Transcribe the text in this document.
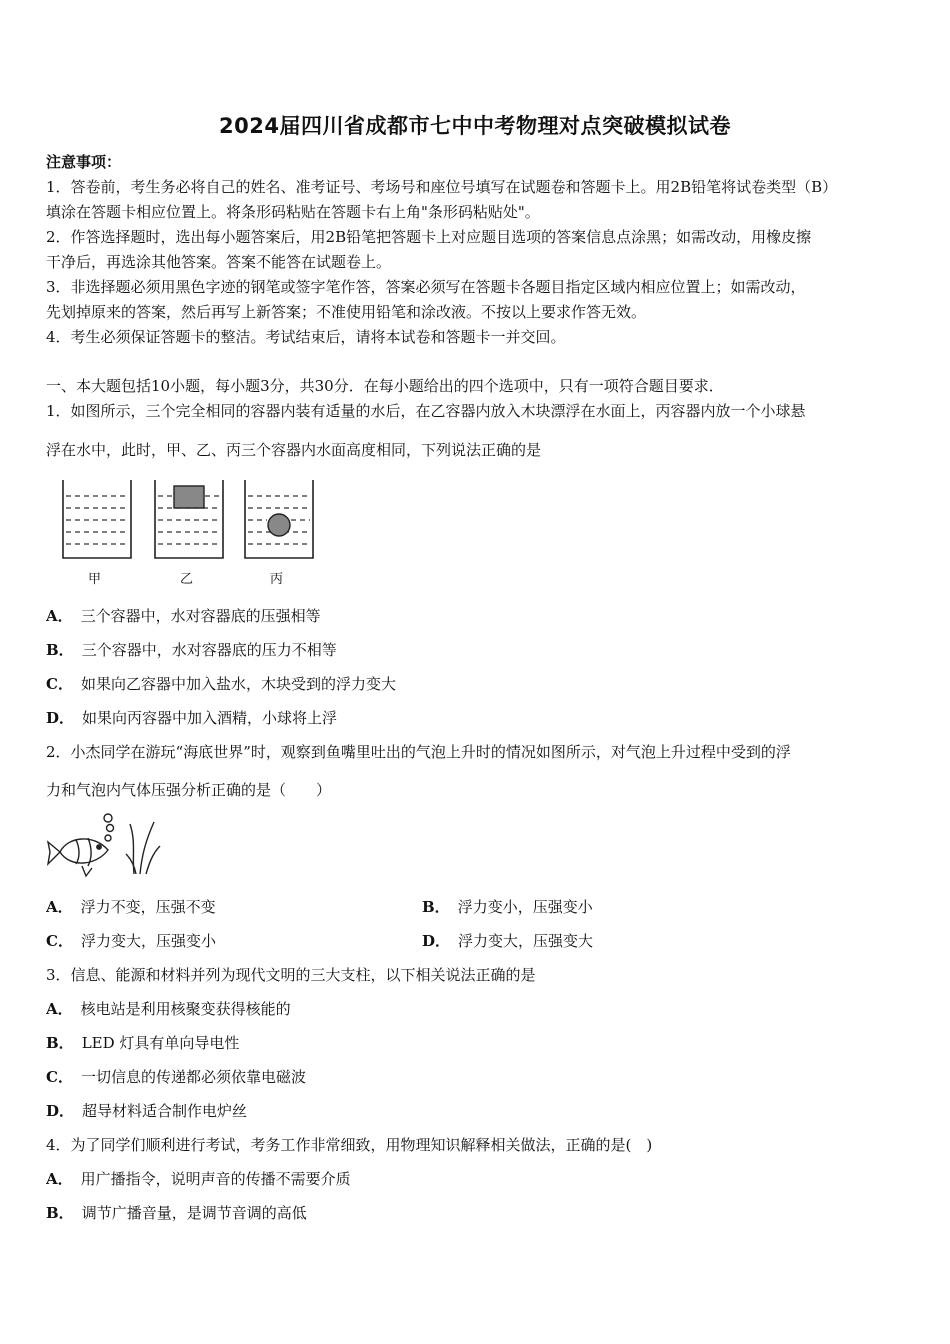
2024届四川省成都市七中中考物理对点突破模拟试卷
注意事项：
1．答卷前，考生务必将自己的姓名、准考证号、考场号和座位号填写在试题卷和答题卡上。用2B铅笔将试卷类型（B）
填涂在答题卡相应位置上。将条形码粘贴在答题卡右上角"条形码粘贴处"。
2．作答选择题时，选出每小题答案后，用2B铅笔把答题卡上对应题目选项的答案信息点涂黑；如需改动，用橡皮擦
干净后，再选涂其他答案。答案不能答在试题卷上。
3．非选择题必须用黑色字迹的钢笔或签字笔作答，答案必须写在答题卡各题目指定区域内相应位置上；如需改动，
先划掉原来的答案，然后再写上新答案；不准使用铅笔和涂改液。不按以上要求作答无效。
4．考生必须保证答题卡的整洁。考试结束后，请将本试卷和答题卡一并交回。
一、本大题包括10小题，每小题3分，共30分．在每小题给出的四个选项中，只有一项符合题目要求．
1．如图所示，三个完全相同的容器内装有适量的水后，在乙容器内放入木块漂浮在水面上，丙容器内放一个小球悬
浮在水中，此时，甲、乙、丙三个容器内水面高度相同，下列说法正确的是
甲	乙	丙
A． 三个容器中，水对容器底的压强相等
B． 三个容器中，水对容器底的压力不相等
C． 如果向乙容器中加入盐水，木块受到的浮力变大
D． 如果向丙容器中加入酒精，小球将上浮
2．小杰同学在游玩“海底世界”时，观察到鱼嘴里吐出的气泡上升时的情况如图所示，对气泡上升过程中受到的浮
力和气泡内气体压强分析正确的是（　　）
A． 浮力不变，压强不变	B． 浮力变小，压强变小
C． 浮力变大，压强变小	D． 浮力变大，压强变大
3．信息、能源和材料并列为现代文明的三大支柱，以下相关说法正确的是
A． 核电站是利用核聚变获得核能的
B． LED 灯具有单向导电性
C． 一切信息的传递都必须依靠电磁波
D． 超导材料适合制作电炉丝
4．为了同学们顺利进行考试，考务工作非常细致，用物理知识解释相关做法，正确的是(　)
A． 用广播指令，说明声音的传播不需要介质
B． 调节广播音量，是调节音调的高低
